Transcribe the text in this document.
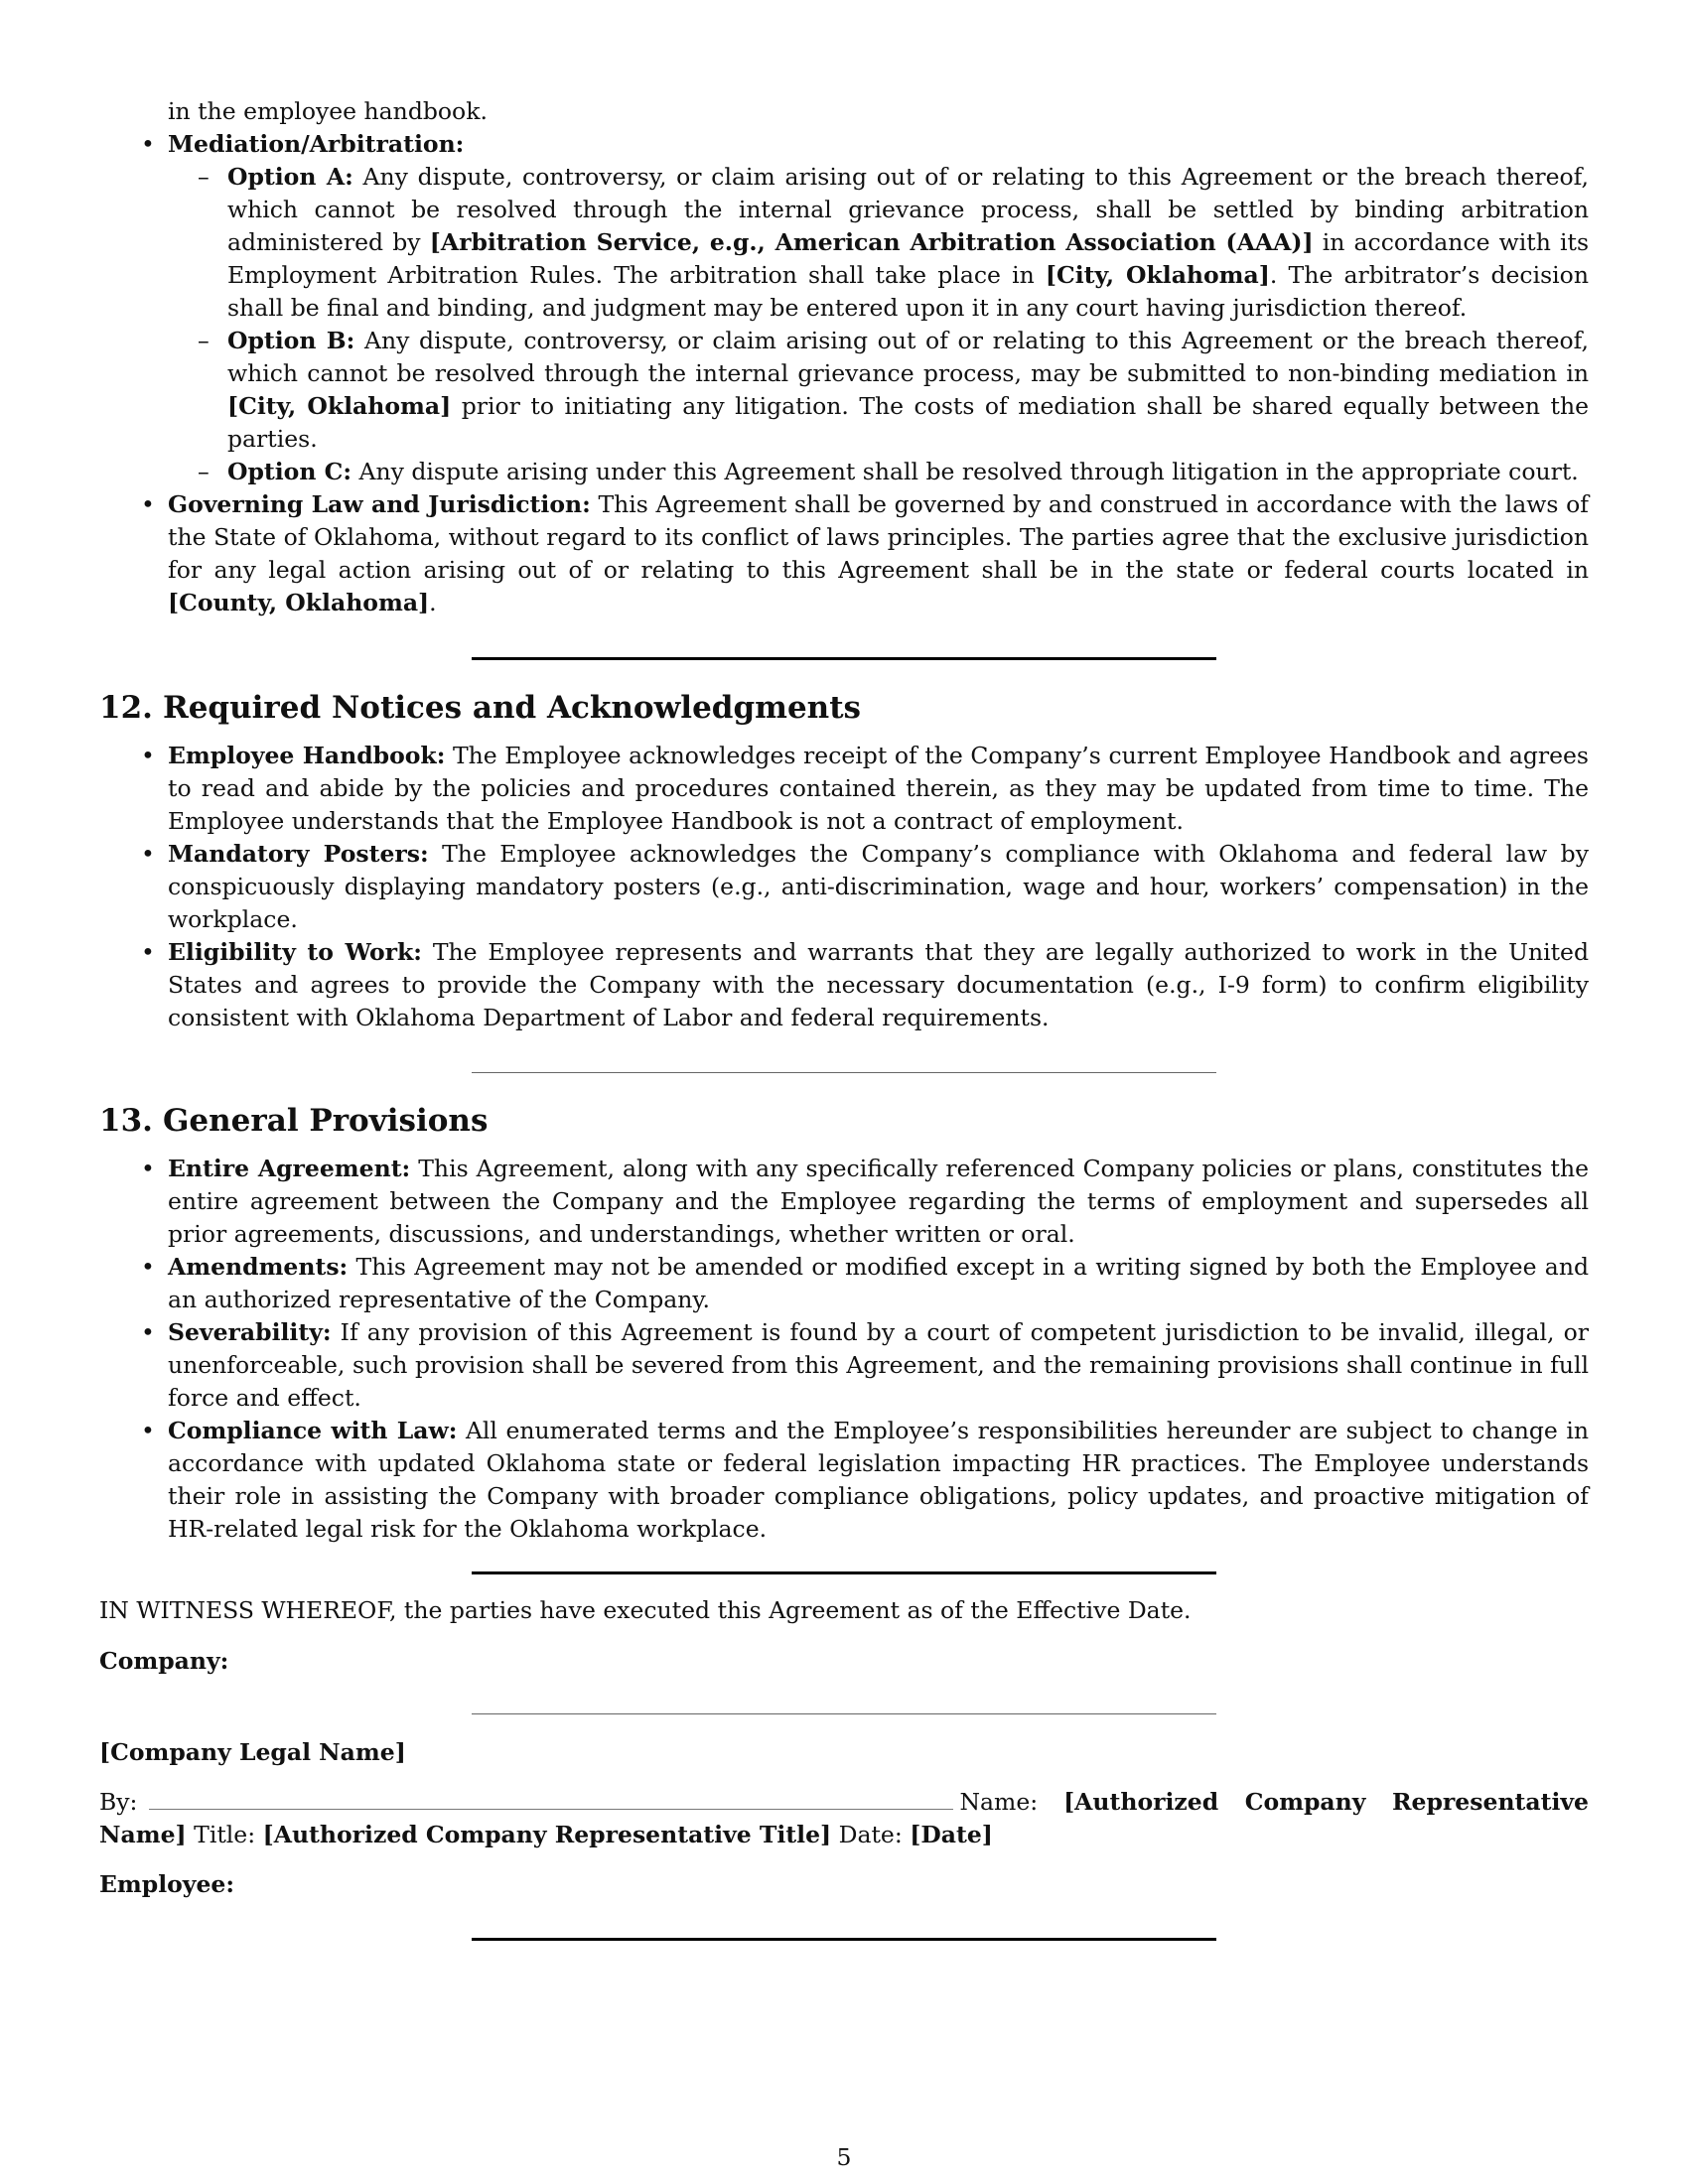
in the employee handbook.

• Mediation/Arbitration:
– Option A: Any dispute, controversy, or claim arising out of or relating to this Agreement or the breach thereof, which cannot be resolved through the internal grievance process, shall be settled by binding arbitration administered by [Arbitration Service, e.g., American Arbitration Association (AAA)] in accordance with its Employment Arbitration Rules. The arbitration shall take place in [City, Oklahoma]. The arbitrator’s decision shall be final and binding, and judgment may be entered upon it in any court having jurisdiction thereof.
– Option B: Any dispute, controversy, or claim arising out of or relating to this Agreement or the breach thereof, which cannot be resolved through the internal grievance process, may be submitted to non-binding mediation in [City, Oklahoma] prior to initiating any litigation. The costs of mediation shall be shared equally between the parties.
– Option C: Any dispute arising under this Agreement shall be resolved through litigation in the appropriate court.
• Governing Law and Jurisdiction: This Agreement shall be governed by and construed in accordance with the laws of the State of Oklahoma, without regard to its conflict of laws principles. The parties agree that the exclusive jurisdiction for any legal action arising out of or relating to this Agreement shall be in the state or federal courts located in [County, Oklahoma].
12. Required Notices and Acknowledgments
• Employee Handbook: The Employee acknowledges receipt of the Company’s current Employee Handbook and agrees to read and abide by the policies and procedures contained therein, as they may be updated from time to time. The Employee understands that the Employee Handbook is not a contract of employment.
• Mandatory Posters: The Employee acknowledges the Company’s compliance with Oklahoma and federal law by conspicuously displaying mandatory posters (e.g., anti-discrimination, wage and hour, workers’ compensation) in the workplace.
• Eligibility to Work: The Employee represents and warrants that they are legally authorized to work in the United States and agrees to provide the Company with the necessary documentation (e.g., I-9 form) to confirm eligibility consistent with Oklahoma Department of Labor and federal requirements.
13. General Provisions
• Entire Agreement: This Agreement, along with any specifically referenced Company policies or plans, constitutes the entire agreement between the Company and the Employee regarding the terms of employment and supersedes all prior agreements, discussions, and understandings, whether written or oral.
• Amendments: This Agreement may not be amended or modified except in a writing signed by both the Employee and an authorized representative of the Company.
• Severability: If any provision of this Agreement is found by a court of competent jurisdiction to be invalid, illegal, or unenforceable, such provision shall be severed from this Agreement, and the remaining provisions shall continue in full force and effect.
• Compliance with Law: All enumerated terms and the Employee’s responsibilities hereunder are subject to change in accordance with updated Oklahoma state or federal legislation impacting HR practices. The Employee understands their role in assisting the Company with broader compliance obligations, policy updates, and proactive mitigation of HR-related legal risk for the Oklahoma workplace.

IN WITNESS WHEREOF, the parties have executed this Agreement as of the Effective Date.

Company:

[Company Legal Name]

By:	Name: [Authorized Company Representative Name] Title: [Authorized Company Representative Title] Date: [Date]

Employee:

5
